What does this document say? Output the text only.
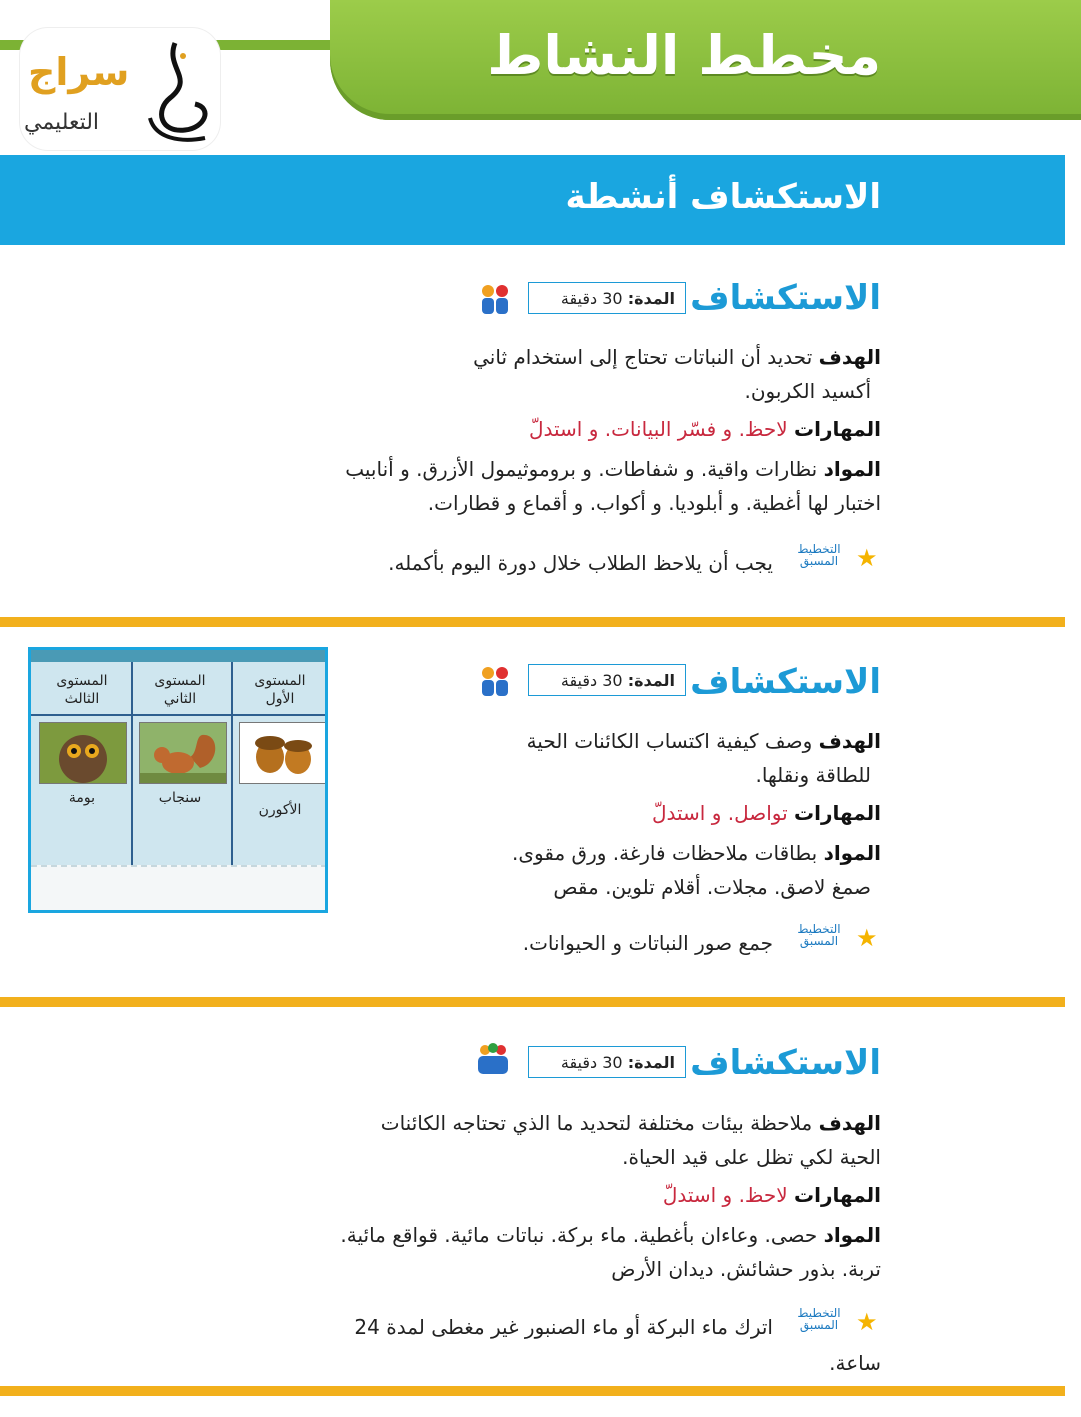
مخطط النشاط
سراج
التعليمي
الاستكشاف أنشطة
الاستكشاف
المدة: 30 دقيقة
الهدف تحديد أن النباتات تحتاج إلى استخدام ثاني
أكسيد الكربون.
المهارات لاحظ. و فسّر البيانات. و استدلّ
المواد نظارات واقية. و شفاطات. و بروموثيمول الأزرق. و أنابيب
اختبار لها أغطية. و أبلوديا. و أكواب. و أقماع و قطارات.
★
التخطيط
المسبق
يجب أن يلاحظ الطلاب خلال دورة اليوم بأكمله.
الاستكشاف
المدة: 30 دقيقة
الهدف وصف كيفية اكتساب الكائنات الحية
للطاقة ونقلها.
المهارات تواصل. و استدلّ
المواد بطاقات ملاحظات فارغة. ورق مقوى.
صمغ لاصق. مجلات. أقلام تلوين. مقص
★
التخطيط
المسبق
جمع صور النباتات و الحيوانات.
المستوى
الأول
المستوى
الثاني
المستوى
الثالث
الأكورن
سنجاب
بومة
الاستكشاف
المدة: 30 دقيقة
الهدف ملاحظة بيئات مختلفة لتحديد ما الذي تحتاجه الكائنات
الحية لكي تظل على قيد الحياة.
المهارات لاحظ. و استدلّ
المواد حصى. وعاءان بأغطية. ماء بركة. نباتات مائية. قواقع مائية.
تربة. بذور حشائش. ديدان الأرض
★
التخطيط
المسبق
اترك ماء البركة أو ماء الصنبور غير مغطى لمدة 24
ساعة.
